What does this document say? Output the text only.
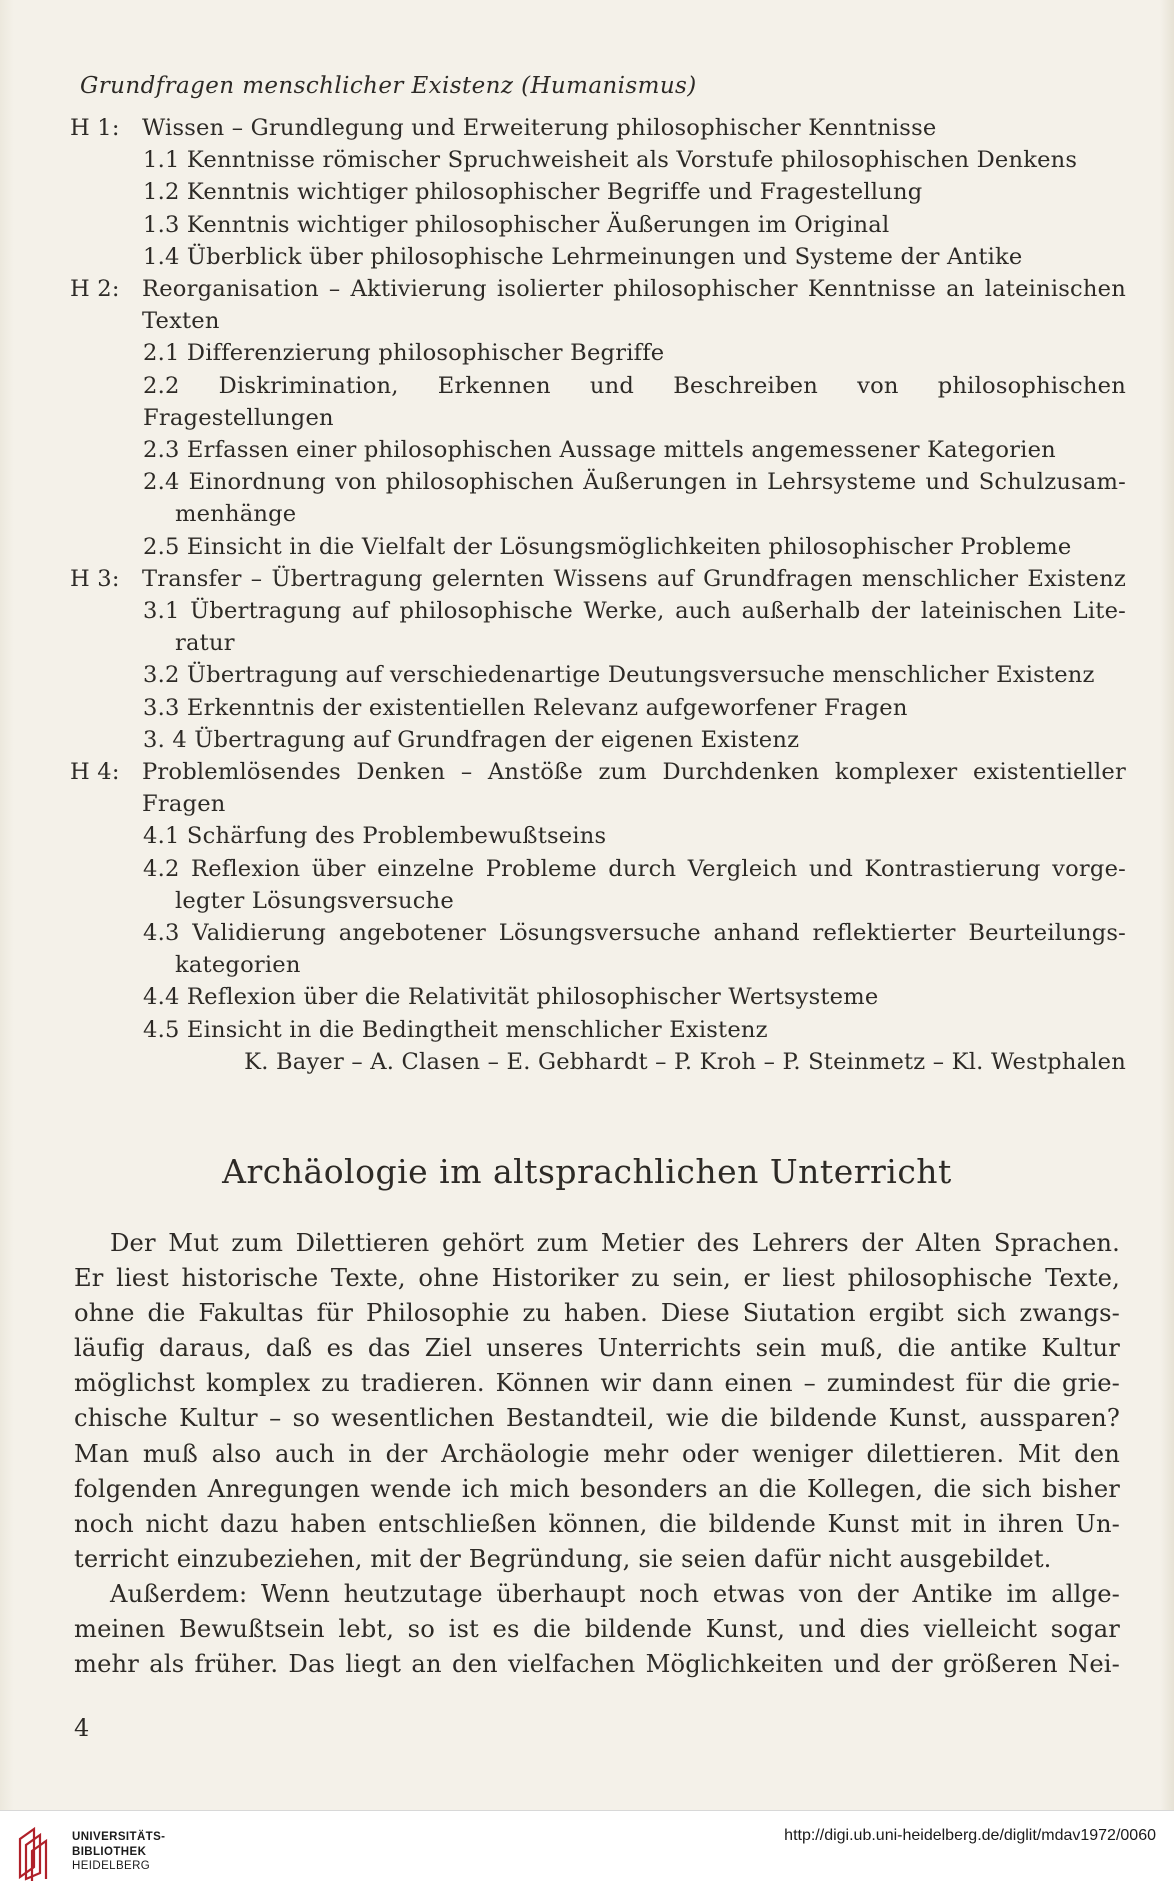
Grundfragen menschlicher Existenz (Humanismus)
H 1: Wissen – Grundlegung und Erweiterung philosophischer Kenntnisse
1.1 Kenntnisse römischer Spruchweisheit als Vorstufe philosophischen Denkens
1.2 Kenntnis wichtiger philosophischer Begriffe und Fragestellung
1.3 Kenntnis wichtiger philosophischer Äußerungen im Original
1.4 Überblick über philosophische Lehrmeinungen und Systeme der Antike
H 2: Reorganisation – Aktivierung isolierter philosophischer Kenntnisse an lateinischen
Texten
2.1 Differenzierung philosophischer Begriffe
2.2 Diskrimination, Erkennen und Beschreiben von philosophischen Fragestellungen
2.3 Erfassen einer philosophischen Aussage mittels angemessener Kategorien
2.4 Einordnung von philosophischen Äußerungen in Lehrsysteme und Schulzusam-
menhänge
2.5 Einsicht in die Vielfalt der Lösungsmöglichkeiten philosophischer Probleme
H 3: Transfer – Übertragung gelernten Wissens auf Grundfragen menschlicher Existenz
3.1 Übertragung auf philosophische Werke, auch außerhalb der lateinischen Lite-
ratur
3.2 Übertragung auf verschiedenartige Deutungsversuche menschlicher Existenz
3.3 Erkenntnis der existentiellen Relevanz aufgeworfener Fragen
3. 4 Übertragung auf Grundfragen der eigenen Existenz
H 4: Problemlösendes Denken – Anstöße zum Durchdenken komplexer existentieller
Fragen
4.1 Schärfung des Problembewußtseins
4.2 Reflexion über einzelne Probleme durch Vergleich und Kontrastierung vorge-
legter Lösungsversuche
4.3 Validierung angebotener Lösungsversuche anhand reflektierter Beurteilungs-
kategorien
4.4 Reflexion über die Relativität philosophischer Wertsysteme
4.5 Einsicht in die Bedingtheit menschlicher Existenz
K. Bayer – A. Clasen – E. Gebhardt – P. Kroh – P. Steinmetz – Kl. Westphalen
Archäologie im altsprachlichen Unterricht
Der Mut zum Dilettieren gehört zum Metier des Lehrers der Alten Sprachen.
Er liest historische Texte, ohne Historiker zu sein, er liest philosophische Texte,
ohne die Fakultas für Philosophie zu haben. Diese Siutation ergibt sich zwangs-
läufig daraus, daß es das Ziel unseres Unterrichts sein muß, die antike Kultur
möglichst komplex zu tradieren. Können wir dann einen – zumindest für die grie-
chische Kultur – so wesentlichen Bestandteil, wie die bildende Kunst, aussparen?
Man muß also auch in der Archäologie mehr oder weniger dilettieren. Mit den
folgenden Anregungen wende ich mich besonders an die Kollegen, die sich bisher
noch nicht dazu haben entschließen können, die bildende Kunst mit in ihren Un-
terricht einzubeziehen, mit der Begründung, sie seien dafür nicht ausgebildet.
Außerdem: Wenn heutzutage überhaupt noch etwas von der Antike im allge-
meinen Bewußtsein lebt, so ist es die bildende Kunst, und dies vielleicht sogar
mehr als früher. Das liegt an den vielfachen Möglichkeiten und der größeren Nei-
4
UNIVERSITÄTS-
BIBLIOTHEK
HEIDELBERG
http://digi.ub.uni-heidelberg.de/diglit/mdav1972/0060
